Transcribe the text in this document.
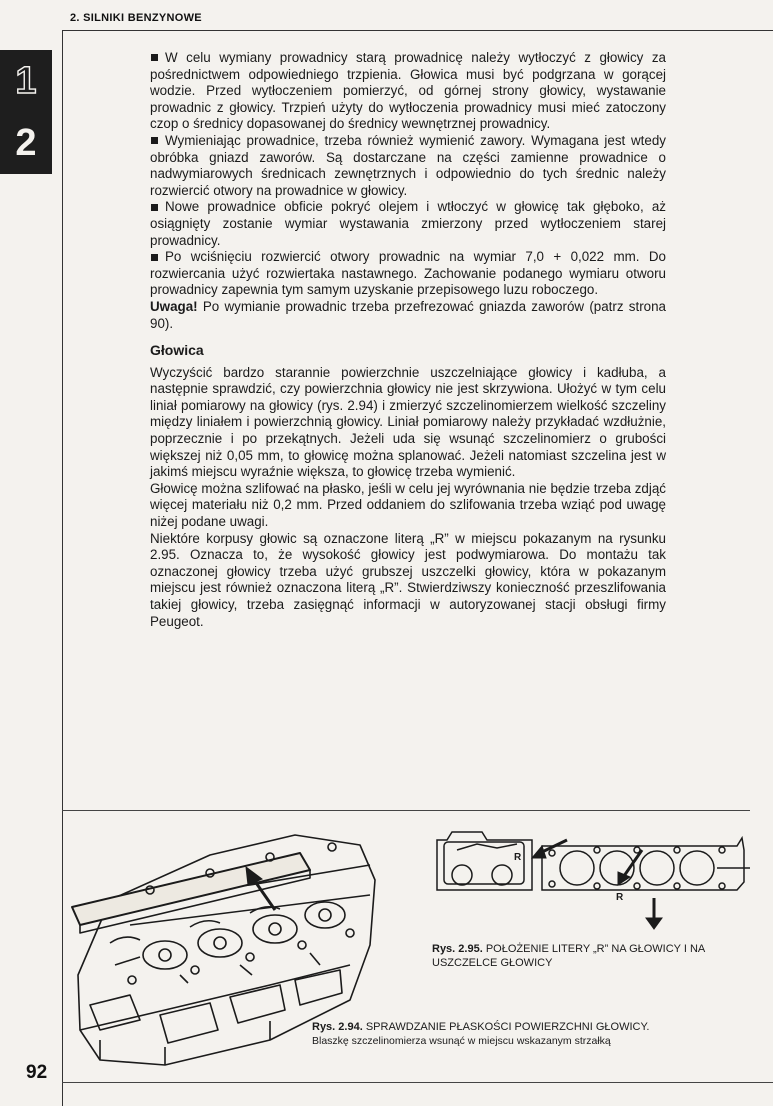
2. SILNIKI BENZYNOWE
1
2

W celu wymiany prowadnicy starą prowadnicę należy wytłoczyć z głowicy za pośrednictwem odpowiedniego trzpienia. Głowica musi być podgrzana w gorącej wodzie. Przed wytłoczeniem pomierzyć, od górnej strony głowicy, wystawanie prowadnic z głowicy. Trzpień użyty do wytłoczenia prowadnicy musi mieć zatoczony czop o średnicy dopasowanej do średnicy wewnętrznej prowadnicy.

Wymieniając prowadnice, trzeba również wymienić zawory. Wymagana jest wtedy obróbka gniazd zaworów. Są dostarczane na części zamienne prowadnice o nadwymiarowych średnicach zewnętrznych i odpowiednio do tych średnic należy rozwiercić otwory na prowadnice w głowicy.

Nowe prowadnice obficie pokryć olejem i wtłoczyć w głowicę tak głęboko, aż osiągnięty zostanie wymiar wystawania zmierzony przed wytłoczeniem starej prowadnicy.

Po wciśnięciu rozwiercić otwory prowadnic na wymiar 7,0 + 0,022 mm. Do rozwiercania użyć rozwiertaka nastawnego. Zachowanie podanego wymiaru otworu prowadnicy zapewnia tym samym uzyskanie przepisowego luzu roboczego.

Uwaga! Po wymianie prowadnic trzeba przefrezować gniazda zaworów (patrz strona 90).

Głowica

Wyczyścić bardzo starannie powierzchnie uszczelniające głowicy i kadłuba, a następnie sprawdzić, czy powierzchnia głowicy nie jest skrzywiona. Ułożyć w tym celu liniał pomiarowy na głowicy (rys. 2.94) i zmierzyć szczelinomierzem wielkość szczeliny między liniałem i powierzchnią głowicy. Liniał pomiarowy należy przykładać wzdłużnie, poprzecznie i po przekątnych. Jeżeli uda się wsunąć szczelinomierz o grubości większej niż 0,05 mm, to głowicę można splanować. Jeżeli natomiast szczelina jest w jakimś miejscu wyraźnie większa, to głowicę trzeba wymienić.

Głowicę można szlifować na płasko, jeśli w celu jej wyrównania nie będzie trzeba zdjąć więcej materiału niż 0,2 mm. Przed oddaniem do szlifowania trzeba wziąć pod uwagę niżej podane uwagi.

Niektóre korpusy głowic są oznaczone literą „R” w miejscu pokazanym na rysunku 2.95. Oznacza to, że wysokość głowicy jest podwymiarowa. Do montażu tak oznaczonej głowicy trzeba użyć grubszej uszczelki głowicy, która w pokazanym miejscu jest również oznaczona literą „R”. Stwierdziwszy konieczność przeszlifowania takiej głowicy, trzeba zasięgnąć informacji w autoryzowanej stacji obsługi firmy Peugeot.

R
R
Rys. 2.95. POŁOŻENIE LITERY „R” NA GŁOWICY I NA USZCZELCE GŁOWICY
Rys. 2.94. SPRAWDZANIE PŁASKOŚCI POWIERZCHNI GŁOWICY. Blaszkę szczelinomierza wsunąć w miejscu wskazanym strzałką
92
